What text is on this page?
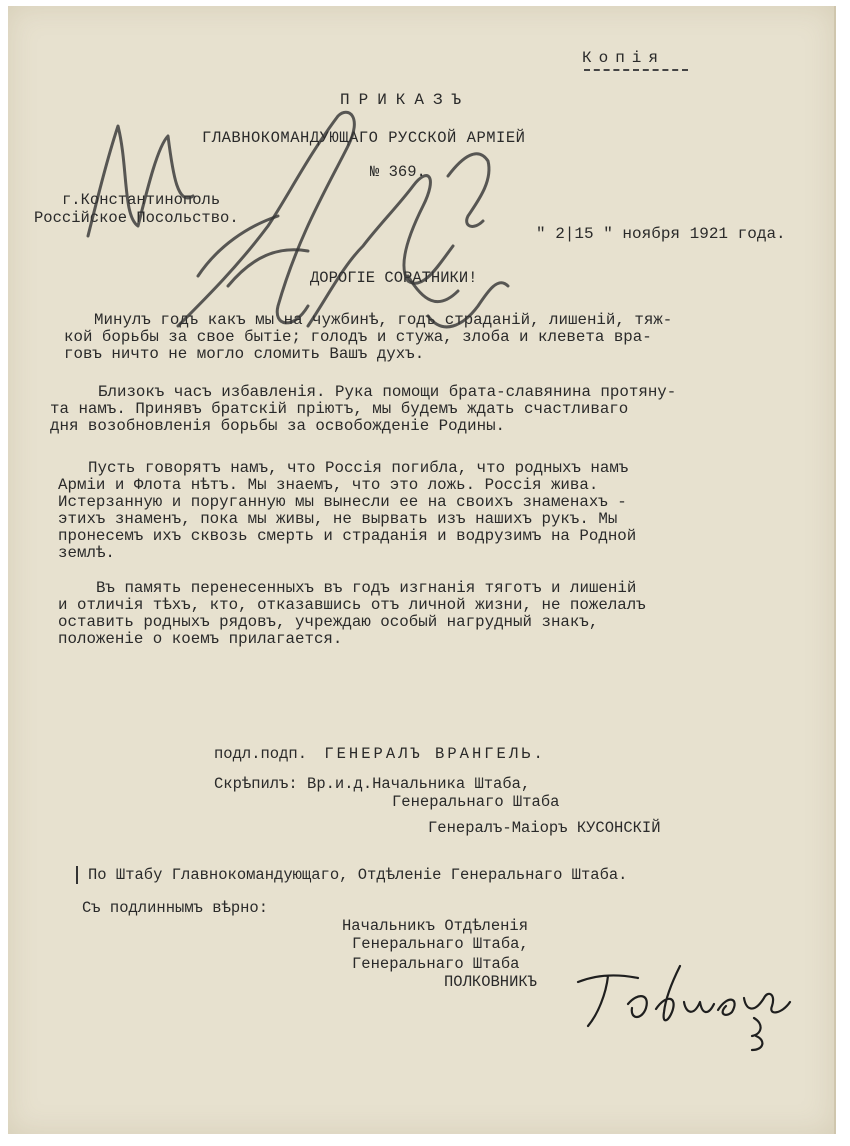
Копія
ПРИКАЗЪ
ГЛАВНОКОМАНДУЮЩАГО РУССКОЙ АРМІЕЙ
№ 369.
г.Константинополь
Россійское Посольство.
" 2|15 " ноября 1921 года.
ДОРОГІЕ СОРАТНИКИ!
Минулъ годъ какъ мы на чужбинѣ, годъ страданій, лишеній, тяж-
кой борьбы за свое бытіе; голодъ и стужа, злоба и клевета вра-
говъ ничто не могло сломить Вашъ духъ.
Близокъ часъ избавленія. Рука помощи брата-славянина протяну-
та намъ. Принявъ братскій пріютъ, мы будемъ ждать счастливаго
дня возобновленія борьбы за освобожденіе Родины.
Пусть говорятъ намъ, что Россія погибла, что родныхъ намъ
Арміи и Флота нѣтъ. Мы знаемъ, что это ложь. Россія жива.
Истерзанную и поруганную мы вынесли ее на своихъ знаменахъ -
этихъ знаменъ, пока мы живы, не вырвать изъ нашихъ рукъ. Мы
пронесемъ ихъ сквозь смерть и страданія и водрузимъ на Родной
землѣ.
Въ память перенесенныхъ въ годъ изгнанія тяготъ и лишеній
и отличія тѣхъ, кто, отказавшись отъ личной жизни, не пожелалъ
оставить родныхъ рядовъ, учреждаю особый нагрудный знакъ,
положеніе о коемъ прилагается.
подл.подп. ГЕНЕРАЛЪ ВРАНГЕЛЬ.
Скрѣпилъ: Вр.и.д.Начальника Штаба,
Генеральнаго Штаба
Генералъ-Маіоръ КУСОНСКІЙ
По Штабу Главнокомандующаго, Отдѣленіе Генеральнаго Штаба.
Съ подлиннымъ вѣрно:
Начальникъ Отдѣленія
Генеральнаго Штаба,
Генеральнаго Штаба
ПОЛКОВНИКЪ
